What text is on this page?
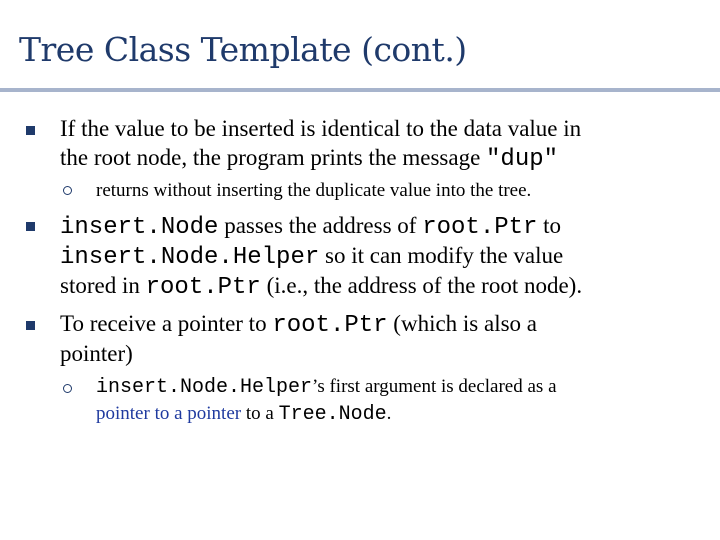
Tree Class Template (cont.)
If the value to be inserted is identical to the data value in
the root node, the program prints the message "dup"
returns without inserting the duplicate value into the tree.
insert.Node passes the address of root.Ptr to
insert.Node.Helper so it can modify the value
stored in root.Ptr (i.e., the address of the root node).
To receive a pointer to root.Ptr (which is also a
pointer)
insert.Node.Helper’s first argument is declared as a
pointer to a pointer to a Tree.Node.
